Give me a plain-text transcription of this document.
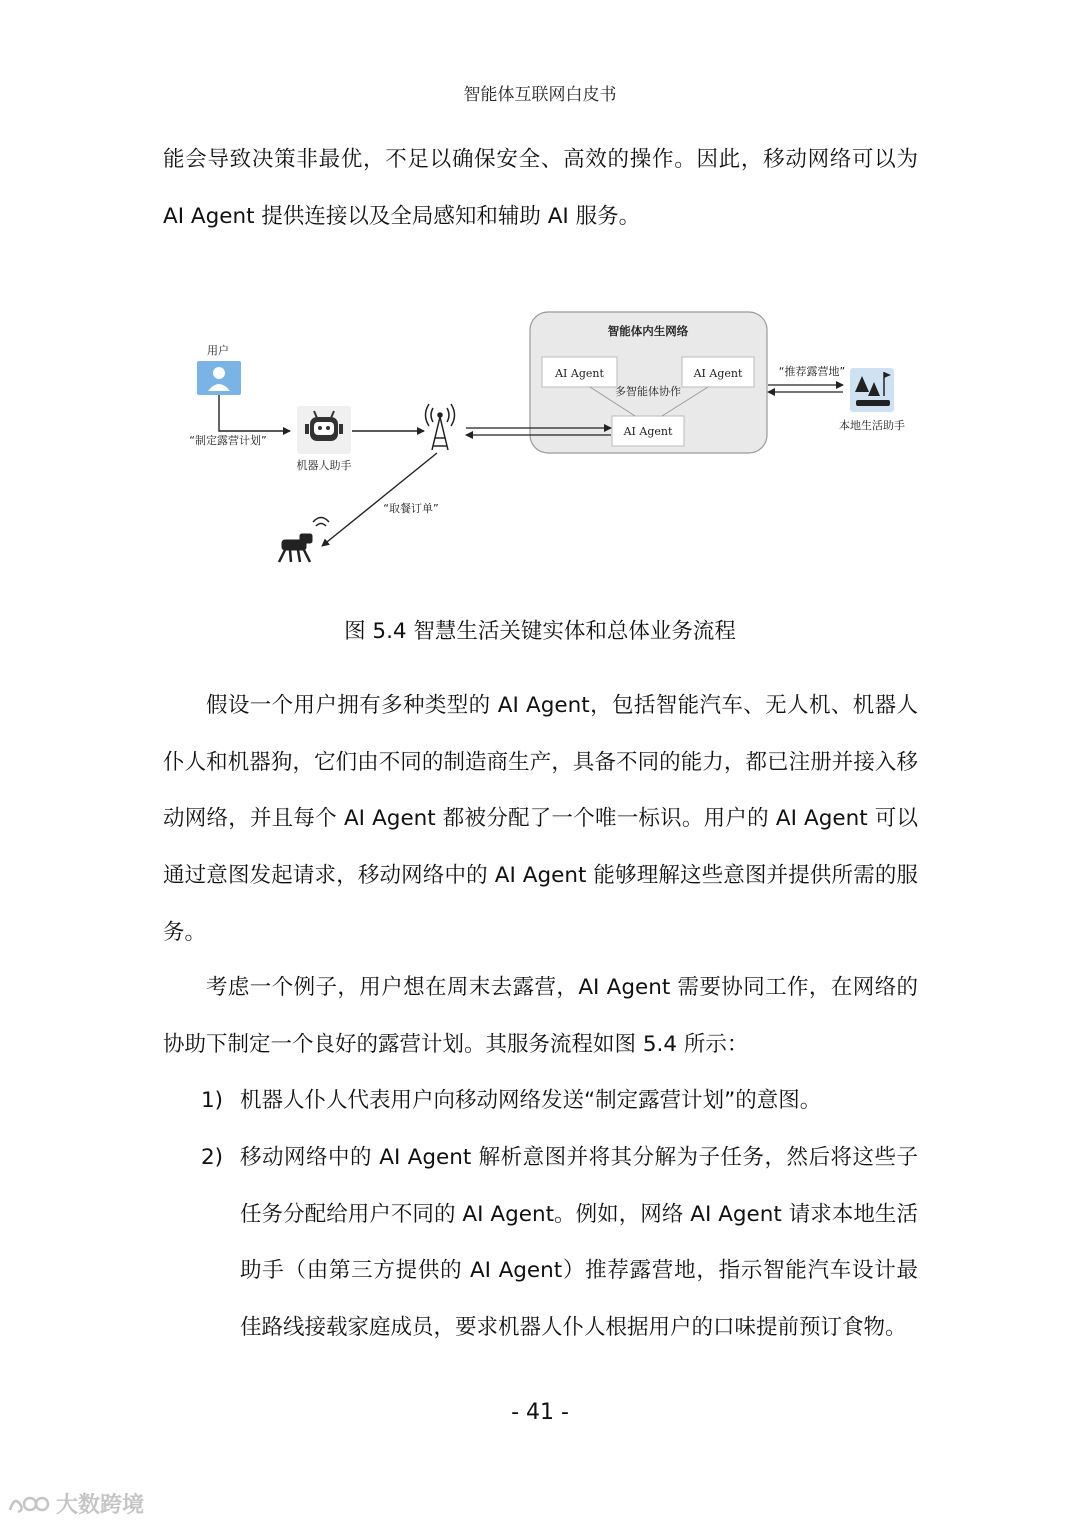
智能体互联网白皮书

能会导致决策非最优，不足以确保安全、高效的操作。因此，移动网络可以为 AI Agent 提供连接以及全局感知和辅助 AI 服务。

智能体内生网络
AI Agent	AI Agent
AI Agent
多智能体协作
用户
“制定露营计划”
机器人助手
“取餐订单”
“推荐露营地”
本地生活助手
图 5.4 智慧生活关键实体和总体业务流程

假设一个用户拥有多种类型的 AI Agent，包括智能汽车、无人机、机器人仆人和机器狗，它们由不同的制造商生产，具备不同的能力，都已注册并接入移动网络，并且每个 AI Agent 都被分配了一个唯一标识。用户的 AI Agent 可以通过意图发起请求，移动网络中的 AI Agent 能够理解这些意图并提供所需的服务。

考虑一个例子，用户想在周末去露营，AI Agent 需要协同工作，在网络的协助下制定一个良好的露营计划。其服务流程如图 5.4 所示：

1) 机器人仆人代表用户向移动网络发送“制定露营计划”的意图。
2) 移动网络中的 AI Agent 解析意图并将其分解为子任务，然后将这些子任务分配给用户不同的 AI Agent。例如，网络 AI Agent 请求本地生活助手（由第三方提供的 AI Agent）推荐露营地，指示智能汽车设计最佳路线接载家庭成员，要求机器人仆人根据用户的口味提前预订食物。
- 41 -
大数跨境
